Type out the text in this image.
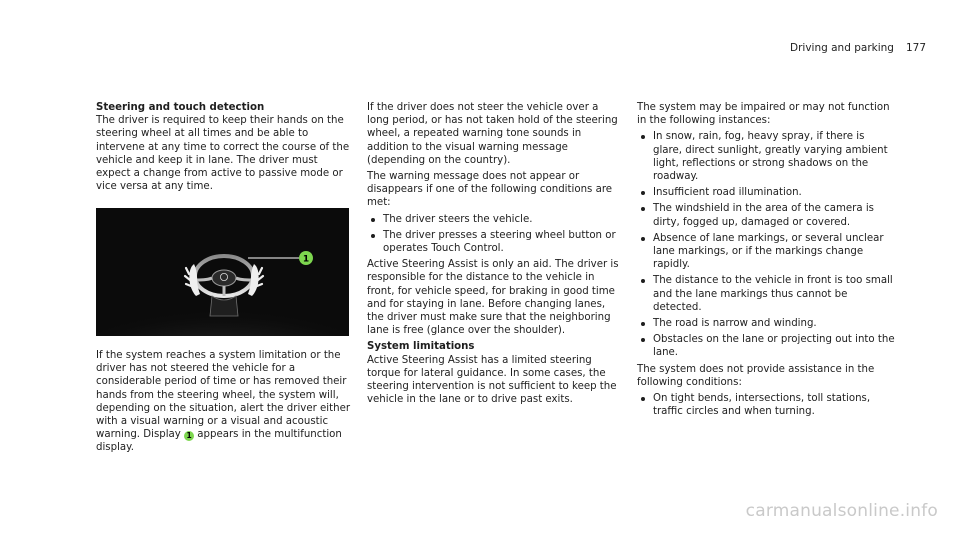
Driving and parking 177

Steering and touch detection

The driver is required to keep their hands on the steering wheel at all times and be able to intervene at any time to correct the course of the vehicle and keep it in lane. The driver must expect a change from active to passive mode or vice versa at any time.

1

If the system reaches a system limitation or the driver has not steered the vehicle for a considerable period of time or has removed their hands from the steering wheel, the system will, depending on the situation, alert the driver either with a visual warning or a visual and acoustic warning. Display 1 appears in the multifunction display.

If the driver does not steer the vehicle over a long period, or has not taken hold of the steering wheel, a repeated warning tone sounds in addition to the visual warning message (depending on the country).

The warning message does not appear or disappears if one of the following conditions are met:

The driver steers the vehicle.
The driver presses a steering wheel button or operates Touch Control.

Active Steering Assist is only an aid. The driver is responsible for the distance to the vehicle in front, for vehicle speed, for braking in good time and for staying in lane. Before changing lanes, the driver must make sure that the neighboring lane is free (glance over the shoulder).

System limitations

Active Steering Assist has a limited steering torque for lateral guidance. In some cases, the steering intervention is not sufficient to keep the vehicle in the lane or to drive past exits.

The system may be impaired or may not function in the following instances:

In snow, rain, fog, heavy spray, if there is glare, direct sunlight, greatly varying ambient light, reflections or strong shadows on the roadway.
Insufficient road illumination.
The windshield in the area of the camera is dirty, fogged up, damaged or covered.
Absence of lane markings, or several unclear lane markings, or if the markings change rapidly.
The distance to the vehicle in front is too small and the lane markings thus cannot be detected.
The road is narrow and winding.
Obstacles on the lane or projecting out into the lane.

The system does not provide assistance in the following conditions:

On tight bends, intersections, toll stations, traffic circles and when turning.
carmanualsonline.info
